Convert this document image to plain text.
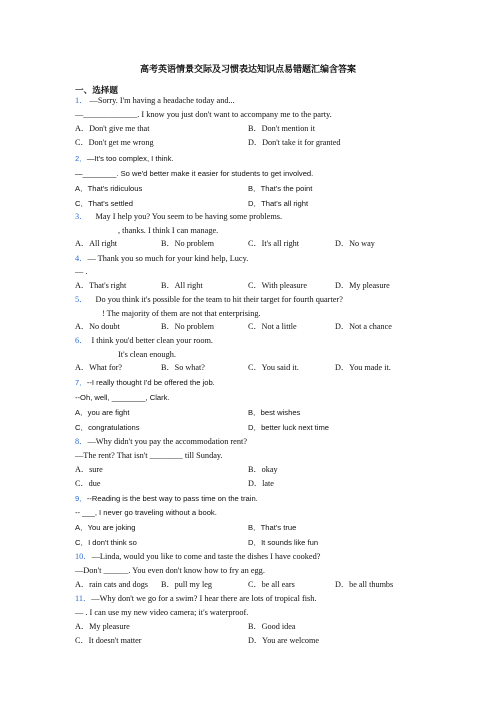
高考英语情景交际及习惯表达知识点易错题汇编含答案
一、选择题
1． —Sorry. I'm having a headache today and...
—_____________. I know you just don't want to accompany me to the party.
A．Don't give me that	B．Don't mention it
C．Don't get me wrong	D．Don't take it for granted
2．—It's too complex, I think.
—________. So we'd better make it easier for students to get involved.
A．That's ridiculous	B．That's the point
C．That's settled	D．That's all right
3． May I help you? You seem to be having some problems.
, thanks. I think I can manage.
A．All right	B．No problem	C．It's all right	D．No way
4．— Thank you so much for your kind help, Lucy.
— .
A．That's right	B．All right	C．With pleasure	D．My pleasure
5． Do you think it's possible for the team to hit their target for fourth quarter?
! The majority of them are not that enterprising.
A．No doubt	B．No problem	C．Not a little	D．Not a chance
6． I think you'd better clean your room.
It's clean enough.
A．What for?	B．So what?	C．You said it.	D．You made it.
7．--I really thought I'd be offered the job.
--Oh, well, ________, Clark.
A．you are fight	B．best wishes
C．congratulations	D．better luck next time
8．—Why didn't you pay the accommodation rent?
—The rent? That isn't ________ till Sunday.
A．sure	B．okay
C．due	D．late
9．--Reading is the best way to pass time on the train.
-- ___, I never go traveling without a book.
A．You are joking	B．That's true
C．I don't think so	D．It sounds like fun
10．—Linda, would you like to come and taste the dishes I have cooked?
—Don't ______. You even don't know how to fry an egg.
A．rain cats and dogs B．pull my leg	C．be all ears	D．be all thumbs
11．—Why don't we go for a swim? I hear there are lots of tropical fish.
— . I can use my new video camera; it's waterproof.
A．My pleasure	B．Good idea
C．It doesn't matter	D．You are welcome
